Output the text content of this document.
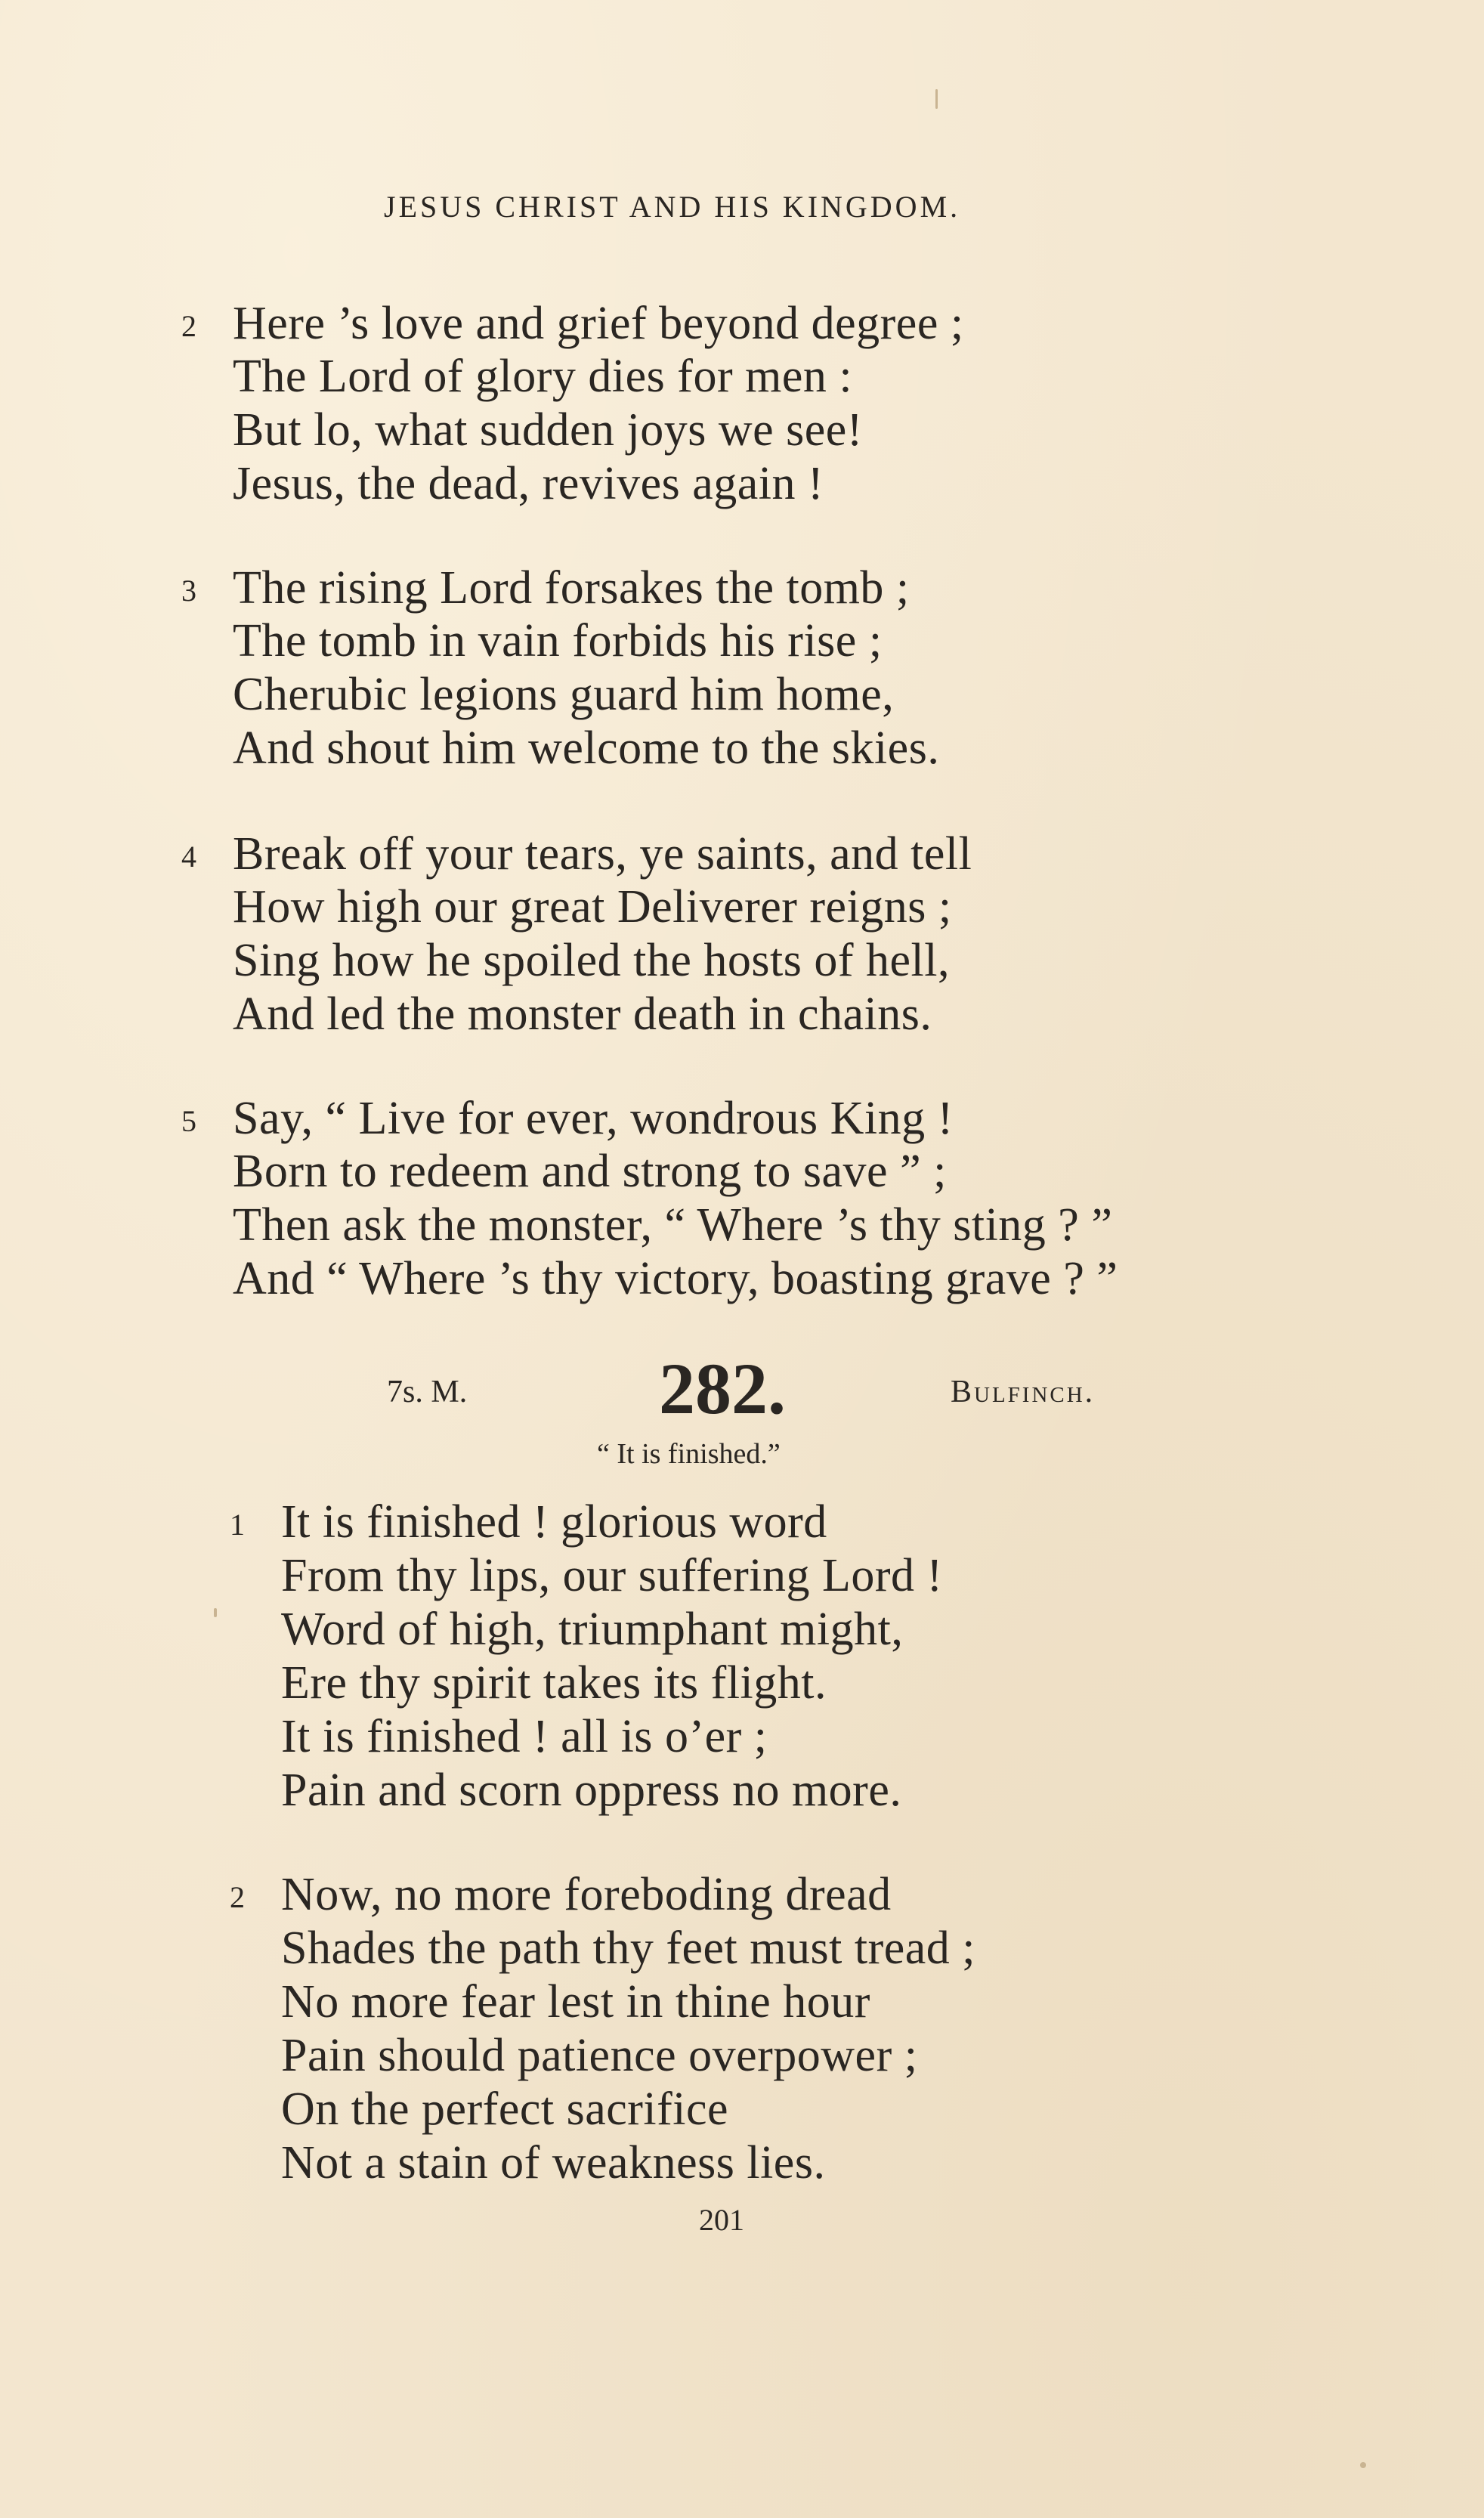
JESUS CHRIST AND HIS KINGDOM.
2 Here ’s love and grief beyond degree ;
The Lord of glory dies for men :
But lo, what sudden joys we see!
Jesus, the dead, revives again !
3 The rising Lord forsakes the tomb ;
The tomb in vain forbids his rise ;
Cherubic legions guard him home,
And shout him welcome to the skies.
4 Break off your tears, ye saints, and tell
How high our great Deliverer reigns ;
Sing how he spoiled the hosts of hell,
And led the monster death in chains.
5 Say, “ Live for ever, wondrous King !
Born to redeem and strong to save ” ;
Then ask the monster, “ Where ’s thy sting ? ”
And “ Where ’s thy victory, boasting grave ? ”
7s. M.	282.	Bulfinch.
“ It is finished.”
1 It is finished ! glorious word
From thy lips, our suffering Lord !
Word of high, triumphant might,
Ere thy spirit takes its flight.
It is finished ! all is o’er ;
Pain and scorn oppress no more.
2 Now, no more foreboding dread
Shades the path thy feet must tread ;
No more fear lest in thine hour
Pain should patience overpower ;
On the perfect sacrifice
Not a stain of weakness lies.
201
